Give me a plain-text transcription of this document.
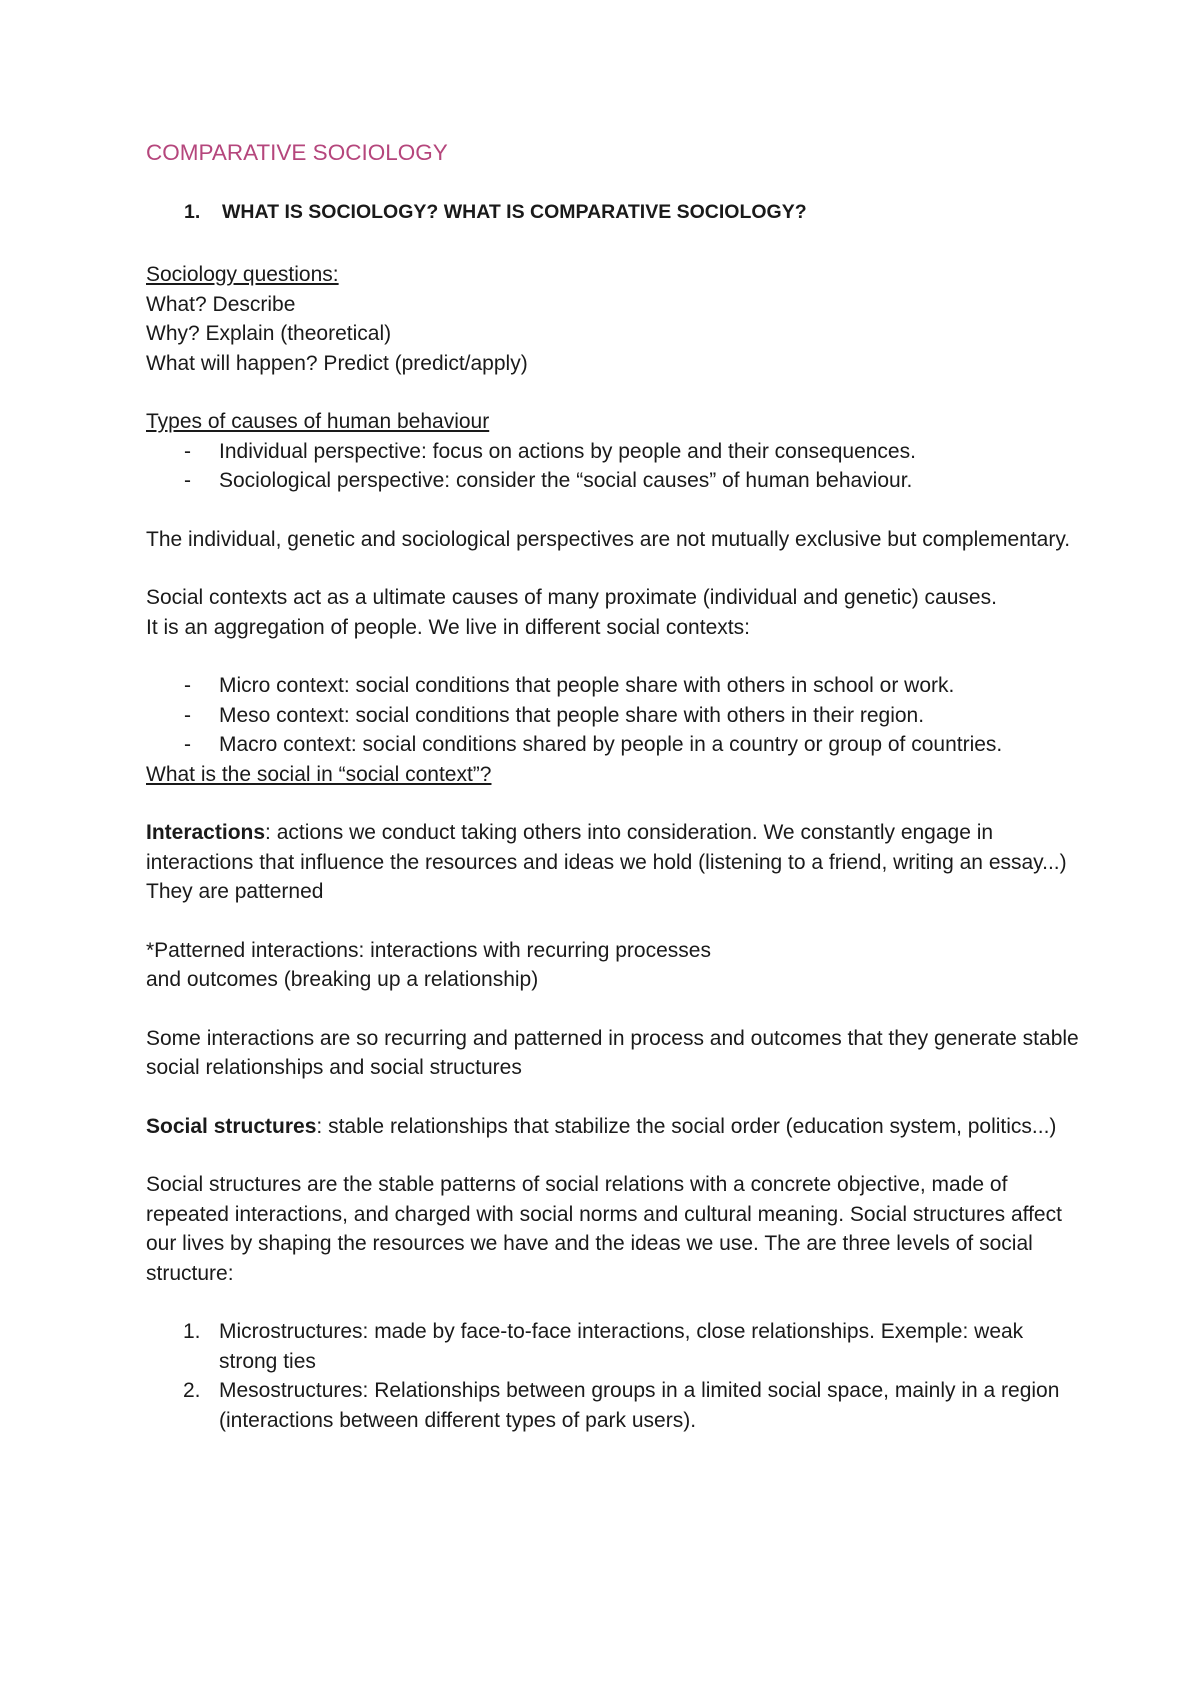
COMPARATIVE SOCIOLOGY
1.	WHAT IS SOCIOLOGY? WHAT IS COMPARATIVE SOCIOLOGY?
Sociology questions:
What? Describe
Why? Explain (theoretical)
What will happen? Predict (predict/apply)
Types of causes of human behaviour
-	Individual perspective: focus on actions by people and their consequences.
-	Sociological perspective: consider the “social causes” of human behaviour.

The individual, genetic and sociological perspectives are not mutually exclusive but complementary.

Social contexts act as a ultimate causes of many proximate (individual and genetic) causes.
It is an aggregation of people. We live in different social contexts:
-	Micro context: social conditions that people share with others in school or work.
-	Meso context: social conditions that people share with others in their region.
-	Macro context: social conditions shared by people in a country or group of countries.

What is the social in “social context”?

Interactions: actions we conduct taking others into consideration. We constantly engage in interactions that influence the resources and ideas we hold (listening to a friend, writing an essay...) They are patterned

*Patterned interactions: interactions with recurring processes
and outcomes (breaking up a relationship)

Some interactions are so recurring and patterned in process and outcomes that they generate stable social relationships and social structures

Social structures: stable relationships that stabilize the social order (education system, politics...)

Social structures are the stable patterns of social relations with a concrete objective, made of repeated interactions, and charged with social norms and cultural meaning. Social structures affect our lives by shaping the resources we have and the ideas we use. The are three levels of social structure:

1. Microstructures: made by face-to-face interactions, close relationships. Exemple: weak strong ties
2. Mesostructures: Relationships between groups in a limited social space, mainly in a region (interactions between different types of park users).
